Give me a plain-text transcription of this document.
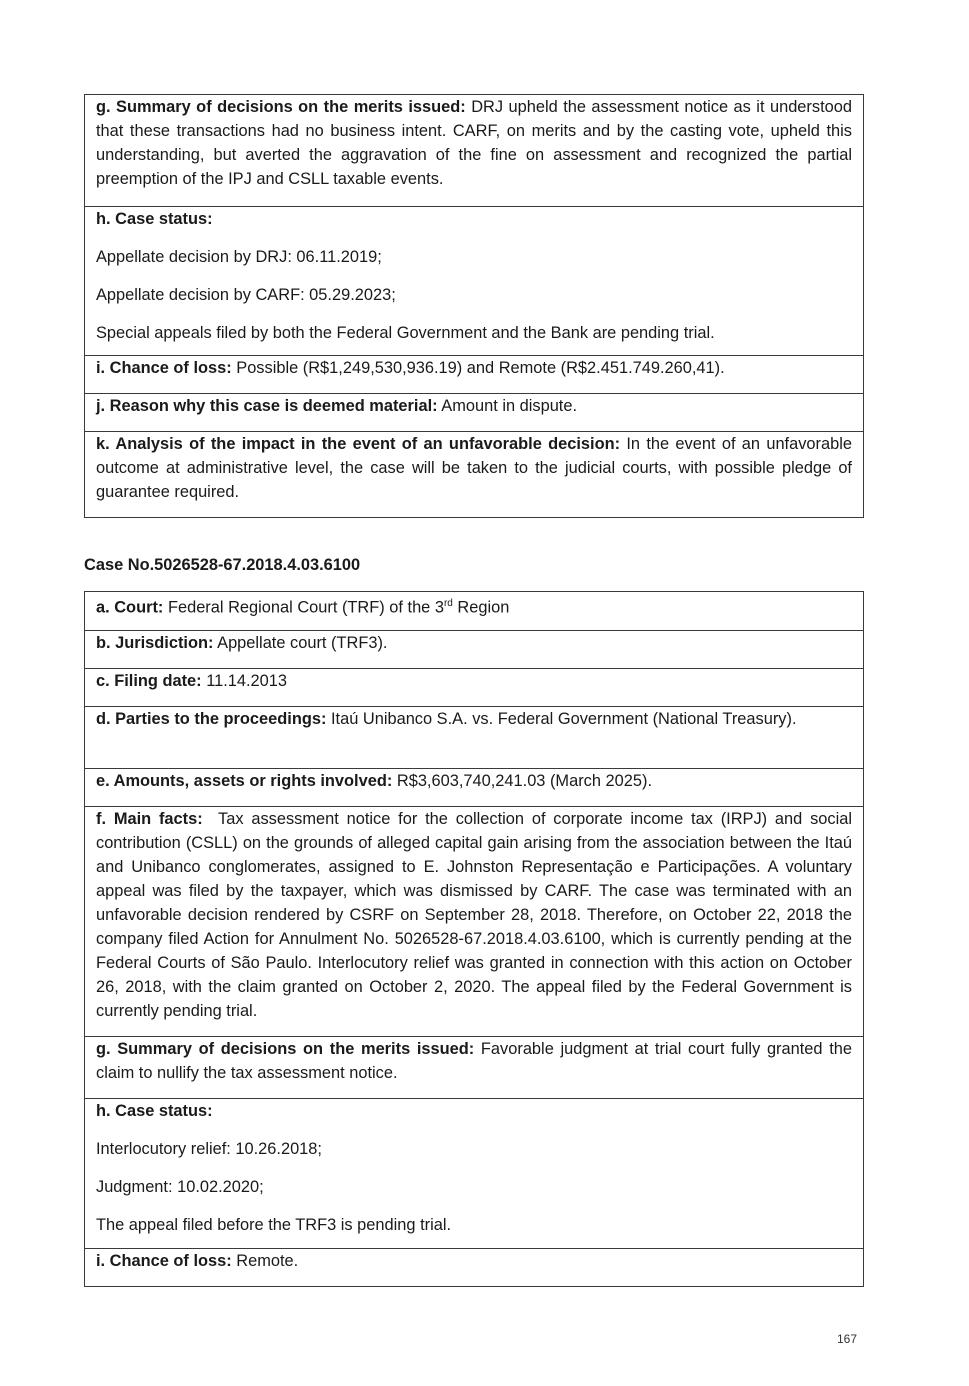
g. Summary of decisions on the merits issued: DRJ upheld the assessment notice as it understood that these transactions had no business intent. CARF, on merits and by the casting vote, upheld this understanding, but averted the aggravation of the fine on assessment and recognized the partial preemption of the IPJ and CSLL taxable events.

h. Case status:

Appellate decision by DRJ: 06.11.2019;

Appellate decision by CARF: 05.29.2023;

Special appeals filed by both the Federal Government and the Bank are pending trial.

i. Chance of loss: Possible (R$1,249,530,936.19) and Remote (R$2.451.749.260,41).

j. Reason why this case is deemed material: Amount in dispute.

k. Analysis of the impact in the event of an unfavorable decision: In the event of an unfavorable outcome at administrative level, the case will be taken to the judicial courts, with possible pledge of guarantee required.

Case No.5026528-67.2018.4.03.6100

a. Court: Federal Regional Court (TRF) of the 3rd Region

b. Jurisdiction: Appellate court (TRF3).

c. Filing date: 11.14.2013

d. Parties to the proceedings: Itaú Unibanco S.A. vs. Federal Government (National Treasury).

e. Amounts, assets or rights involved: R$3,603,740,241.03 (March 2025).

f. Main facts:  Tax assessment notice for the collection of corporate income tax (IRPJ) and social contribution (CSLL) on the grounds of alleged capital gain arising from the association between the Itaú and Unibanco conglomerates, assigned to E. Johnston Representação e Participações. A voluntary appeal was filed by the taxpayer, which was dismissed by CARF. The case was terminated with an unfavorable decision rendered by CSRF on September 28, 2018. Therefore, on October 22, 2018 the company filed Action for Annulment No. 5026528-67.2018.4.03.6100, which is currently pending at the Federal Courts of São Paulo. Interlocutory relief was granted in connection with this action on October 26, 2018, with the claim granted on October 2, 2020. The appeal filed by the Federal Government is currently pending trial.

g. Summary of decisions on the merits issued: Favorable judgment at trial court fully granted the claim to nullify the tax assessment notice.

h. Case status:

Interlocutory relief: 10.26.2018;

Judgment: 10.02.2020;

The appeal filed before the TRF3 is pending trial.

i. Chance of loss: Remote.

167
